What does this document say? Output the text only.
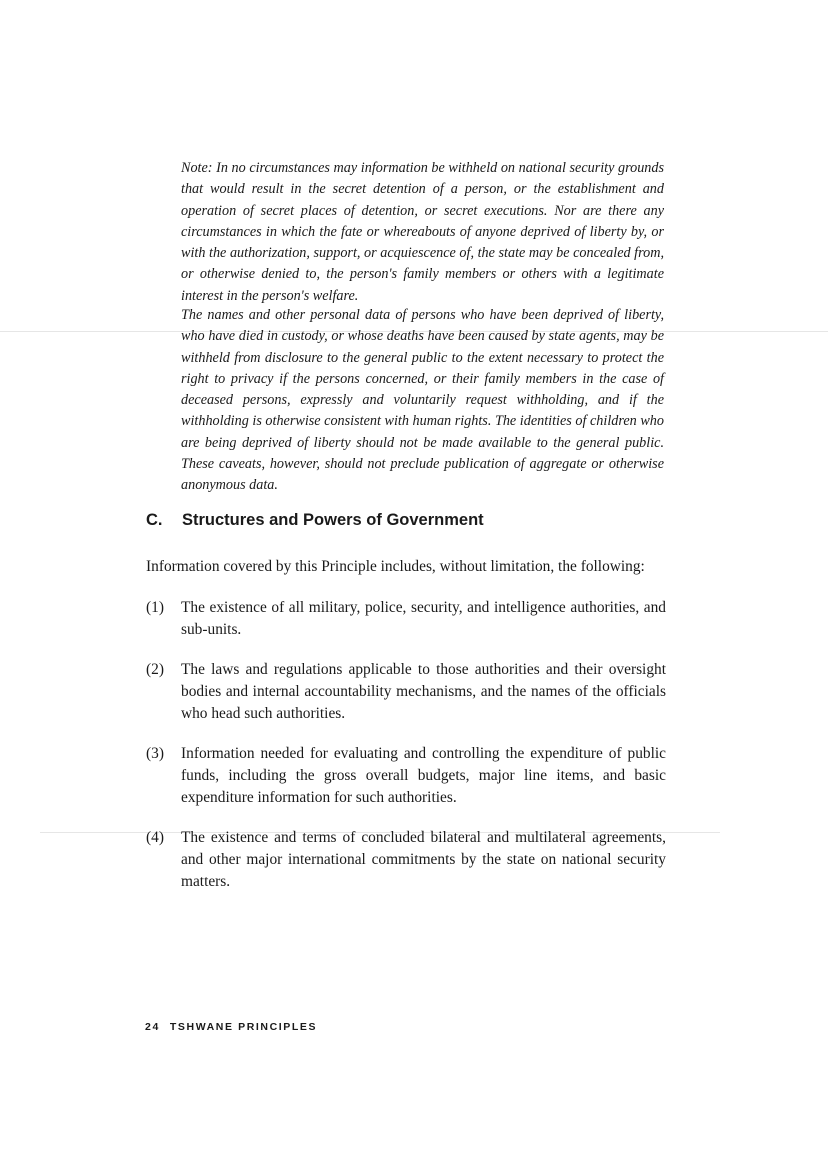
Note: In no circumstances may information be withheld on national security grounds that would result in the secret detention of a person, or the establishment and operation of secret places of detention, or secret executions. Nor are there any circumstances in which the fate or whereabouts of anyone deprived of liberty by, or with the authorization, support, or acquiescence of, the state may be concealed from, or otherwise denied to, the person's family members or others with a legitimate interest in the person's welfare.

The names and other personal data of persons who have been deprived of liberty, who have died in custody, or whose deaths have been caused by state agents, may be withheld from disclosure to the general public to the extent necessary to protect the right to privacy if the persons concerned, or their family members in the case of deceased persons, expressly and voluntarily request withholding, and if the withholding is otherwise consistent with human rights. The identities of children who are being deprived of liberty should not be made available to the general public. These caveats, however, should not preclude publication of aggregate or otherwise anonymous data.

C.	Structures and Powers of Government

Information covered by this Principle includes, without limitation, the following:

(1)	The existence of all military, police, security, and intelligence authorities, and sub-units.
(2)	The laws and regulations applicable to those authorities and their oversight bodies and internal accountability mechanisms, and the names of the officials who head such authorities.
(3)	Information needed for evaluating and controlling the expenditure of public funds, including the gross overall budgets, major line items, and basic expenditure information for such authorities.
(4)	The existence and terms of concluded bilateral and multilateral agreements, and other major international commitments by the state on national security matters.
24 TSHWANE PRINCIPLES
